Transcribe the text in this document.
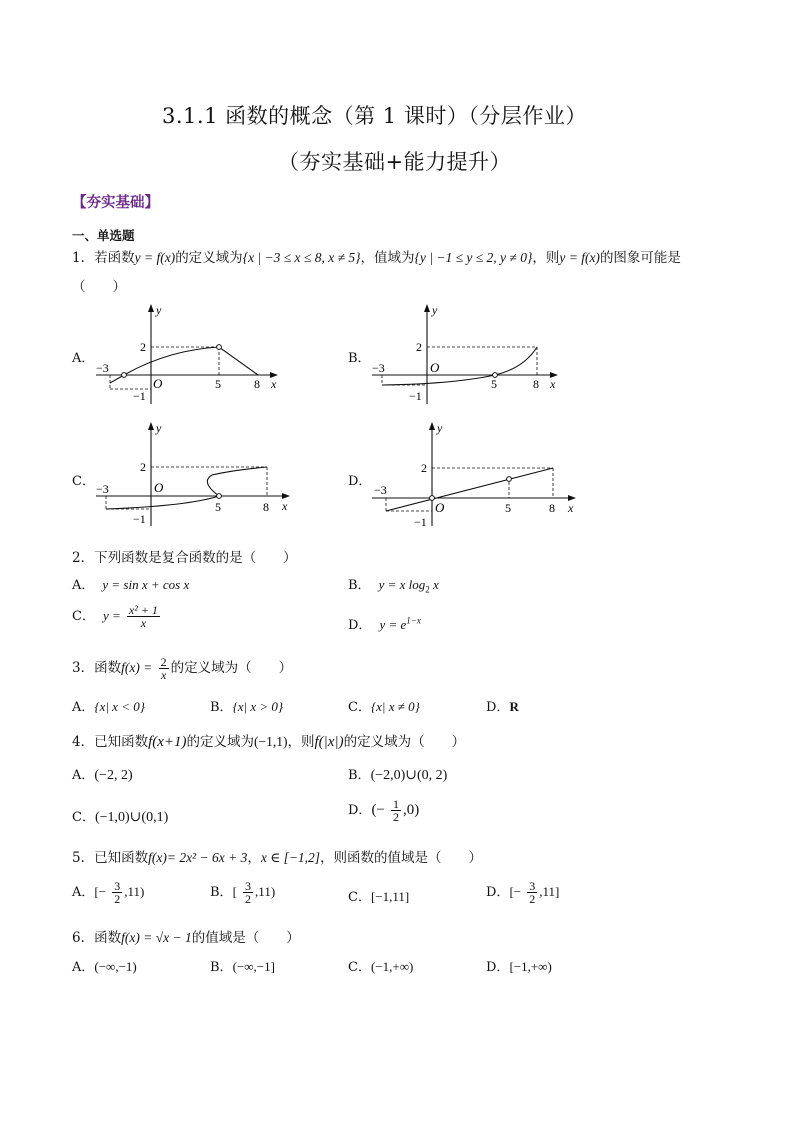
3.1.1 函数的概念（第 1 课时）（分层作业）
（夯实基础+能力提升）
【夯实基础】
一、单选题
1．若函数y = f(x)的定义域为{x | −3 ≤ x ≤ 8, x ≠ 5}，值域为{y | −1 ≤ y ≤ 2, y ≠ 0}，则y = f(x)的图象可能是
（　　）
A．
y
x
O
2
−3
−1
5	8
B．
y
x
O
2
−3
−1
5	8
C．
y
x
O
2
−3
−1
5	8
D．
y
x
O
2
−3
−1
5	8
2．下列函数是复合函数的是（　　）
A． y = sin x + cos x	B． y = x $\log_2 x$
C． $y = \frac{\text{x² + 1}}{x}$	D． $y = e^{1-x}$
3．函数$f(x) = \frac{2}{x}$ 的定义域为（　　）
A．{x| x < 0}	B．{x| x > 0}	C．{x| x ≠ 0}	D．R
4．已知函数f(x+1)的定义域为(−1,1)，则f(|x|)的定义域为（　　）
A．(−2, 2)	B．(−2,0)∪(0, 2)
C．(−1,0)∪(0,1)	D．(− $\frac{1}{2} ,0$)
5．已知函数f(x)= 2x² − 6x + 3，x ∈ [−1,2]，则函数的值域是（　　）
A．[− $\frac{3}{2} ,11$)	B．[ $\frac{3}{2} ,11$)	C．[−1,11]	D．[− $\frac{3}{2} ,11$]
6．函数f(x) = √x − 1的值域是（　　）
A．(−∞,−1)	B．(−∞,−1]	C．(−1,+∞)	D．[−1,+∞)
